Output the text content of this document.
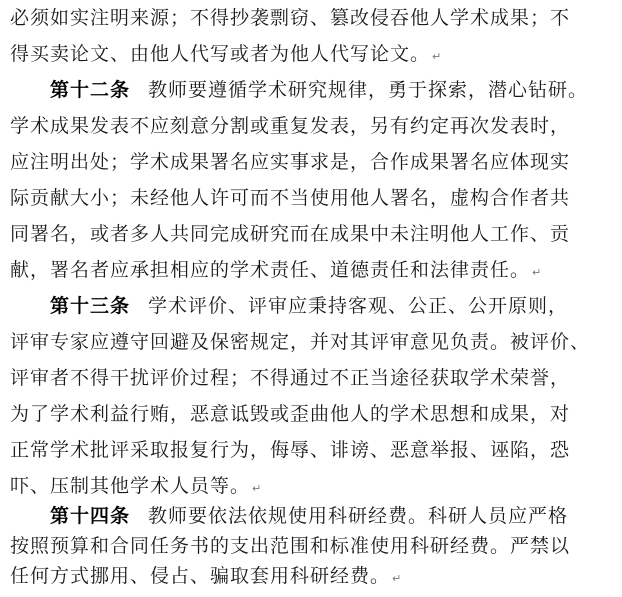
必须如实注明来源；不得抄袭剽窃、篡改侵吞他人学术成果；不
得买卖论文、由他人代写或者为他人代写论文。 ↵
第十二条 教师要遵循学术研究规律，勇于探索，潜心钻研。
学术成果发表不应刻意分割或重复发表，另有约定再次发表时，
应注明出处；学术成果署名应实事求是，合作成果署名应体现实
际贡献大小；未经他人许可而不当使用他人署名，虚构合作者共
同署名，或者多人共同完成研究而在成果中未注明他人工作、贡
献，署名者应承担相应的学术责任、道德责任和法律责任。 ↵
第十三条 学术评价、评审应秉持客观、公正、公开原则，
评审专家应遵守回避及保密规定，并对其评审意见负责。被评价、
评审者不得干扰评价过程；不得通过不正当途径获取学术荣誉，
为了学术利益行贿，恶意诋毁或歪曲他人的学术思想和成果，对
正常学术批评采取报复行为，侮辱、诽谤、恶意举报、诬陷，恐
吓、压制其他学术人员等。 ↵
第十四条 教师要依法依规使用科研经费。科研人员应严格
按照预算和合同任务书的支出范围和标准使用科研经费。严禁以
任何方式挪用、侵占、骗取套用科研经费。 ↵
